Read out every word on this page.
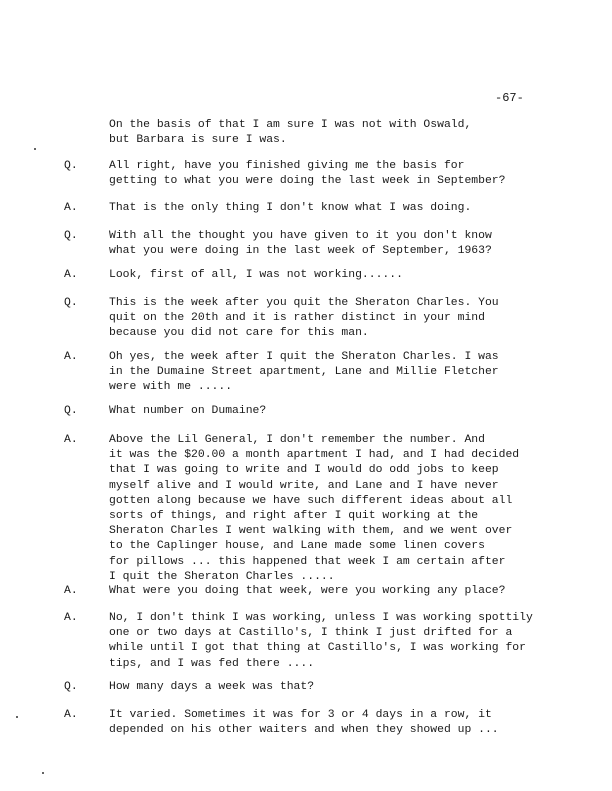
-67-
On the basis of that I am sure I was not with Oswald,
but Barbara is sure I was.
Q.	All right, have you finished giving me the basis for
getting to what you were doing the last week in September?
A.	That is the only thing I don't know what I was doing.
Q.	With all the thought you have given to it you don't know
what you were doing in the last week of September, 1963?
A.	Look, first of all, I was not working......
Q.	This is the week after you quit the Sheraton Charles. You
quit on the 20th and it is rather distinct in your mind
because you did not care for this man.
A.	Oh yes, the week after I quit the Sheraton Charles. I was
in the Dumaine Street apartment, Lane and Millie Fletcher
were with me .....
Q.	What number on Dumaine?
A.	Above the Lil General, I don't remember the number. And
it was the $20.00 a month apartment I had, and I had decided
that I was going to write and I would do odd jobs to keep
myself alive and I would write, and Lane and I have never
gotten along because we have such different ideas about all
sorts of things, and right after I quit working at the
Sheraton Charles I went walking with them, and we went over
to the Caplinger house, and Lane made some linen covers
for pillows ... this happened that week I am certain after
I quit the Sheraton Charles .....
A.	What were you doing that week, were you working any place?
A.	No, I don't think I was working, unless I was working spottily
one or two days at Castillo's, I think I just drifted for a
while until I got that thing at Castillo's, I was working for
tips, and I was fed there ....
Q.	How many days a week was that?
A.	It varied. Sometimes it was for 3 or 4 days in a row, it
depended on his other waiters and when they showed up ...
